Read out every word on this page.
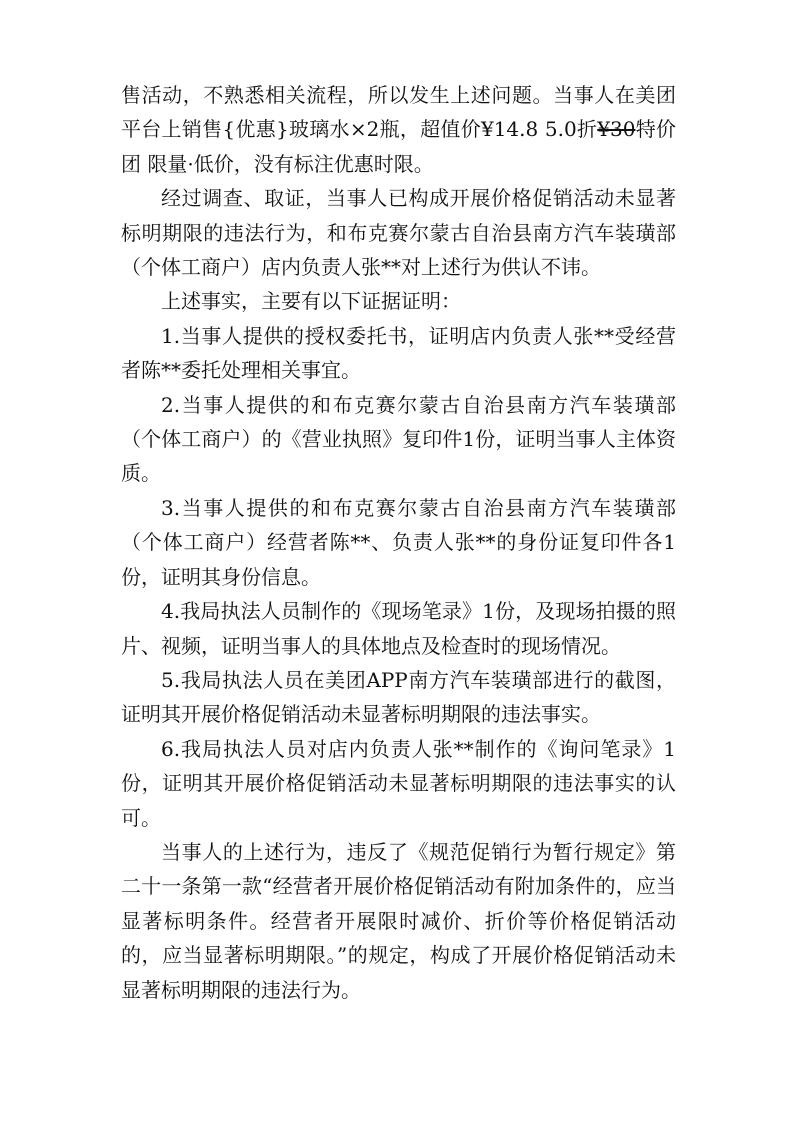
售活动，不熟悉相关流程，所以发生上述问题。当事人在美团平台上销售{优惠}玻璃水×2瓶，超值价¥14.8 5.0折¥30特价团 限量·低价，没有标注优惠时限。

经过调查、取证，当事人已构成开展价格促销活动未显著标明期限的违法行为，和布克赛尔蒙古自治县南方汽车装璜部（个体工商户）店内负责人张**对上述行为供认不讳。

上述事实，主要有以下证据证明：

1.当事人提供的授权委托书，证明店内负责人张**受经营者陈**委托处理相关事宜。

2.当事人提供的和布克赛尔蒙古自治县南方汽车装璜部（个体工商户）的《营业执照》复印件1份，证明当事人主体资质。

3.当事人提供的和布克赛尔蒙古自治县南方汽车装璜部（个体工商户）经营者陈**、负责人张**的身份证复印件各1份，证明其身份信息。

4.我局执法人员制作的《现场笔录》1份，及现场拍摄的照片、视频，证明当事人的具体地点及检查时的现场情况。

5.我局执法人员在美团APP南方汽车装璜部进行的截图，证明其开展价格促销活动未显著标明期限的违法事实。

6.我局执法人员对店内负责人张**制作的《询问笔录》1份，证明其开展价格促销活动未显著标明期限的违法事实的认可。

当事人的上述行为，违反了《规范促销行为暂行规定》第二十一条第一款“经营者开展价格促销活动有附加条件的，应当显著标明条件。经营者开展限时减价、折价等价格促销活动的，应当显著标明期限。”的规定，构成了开展价格促销活动未显著标明期限的违法行为。
